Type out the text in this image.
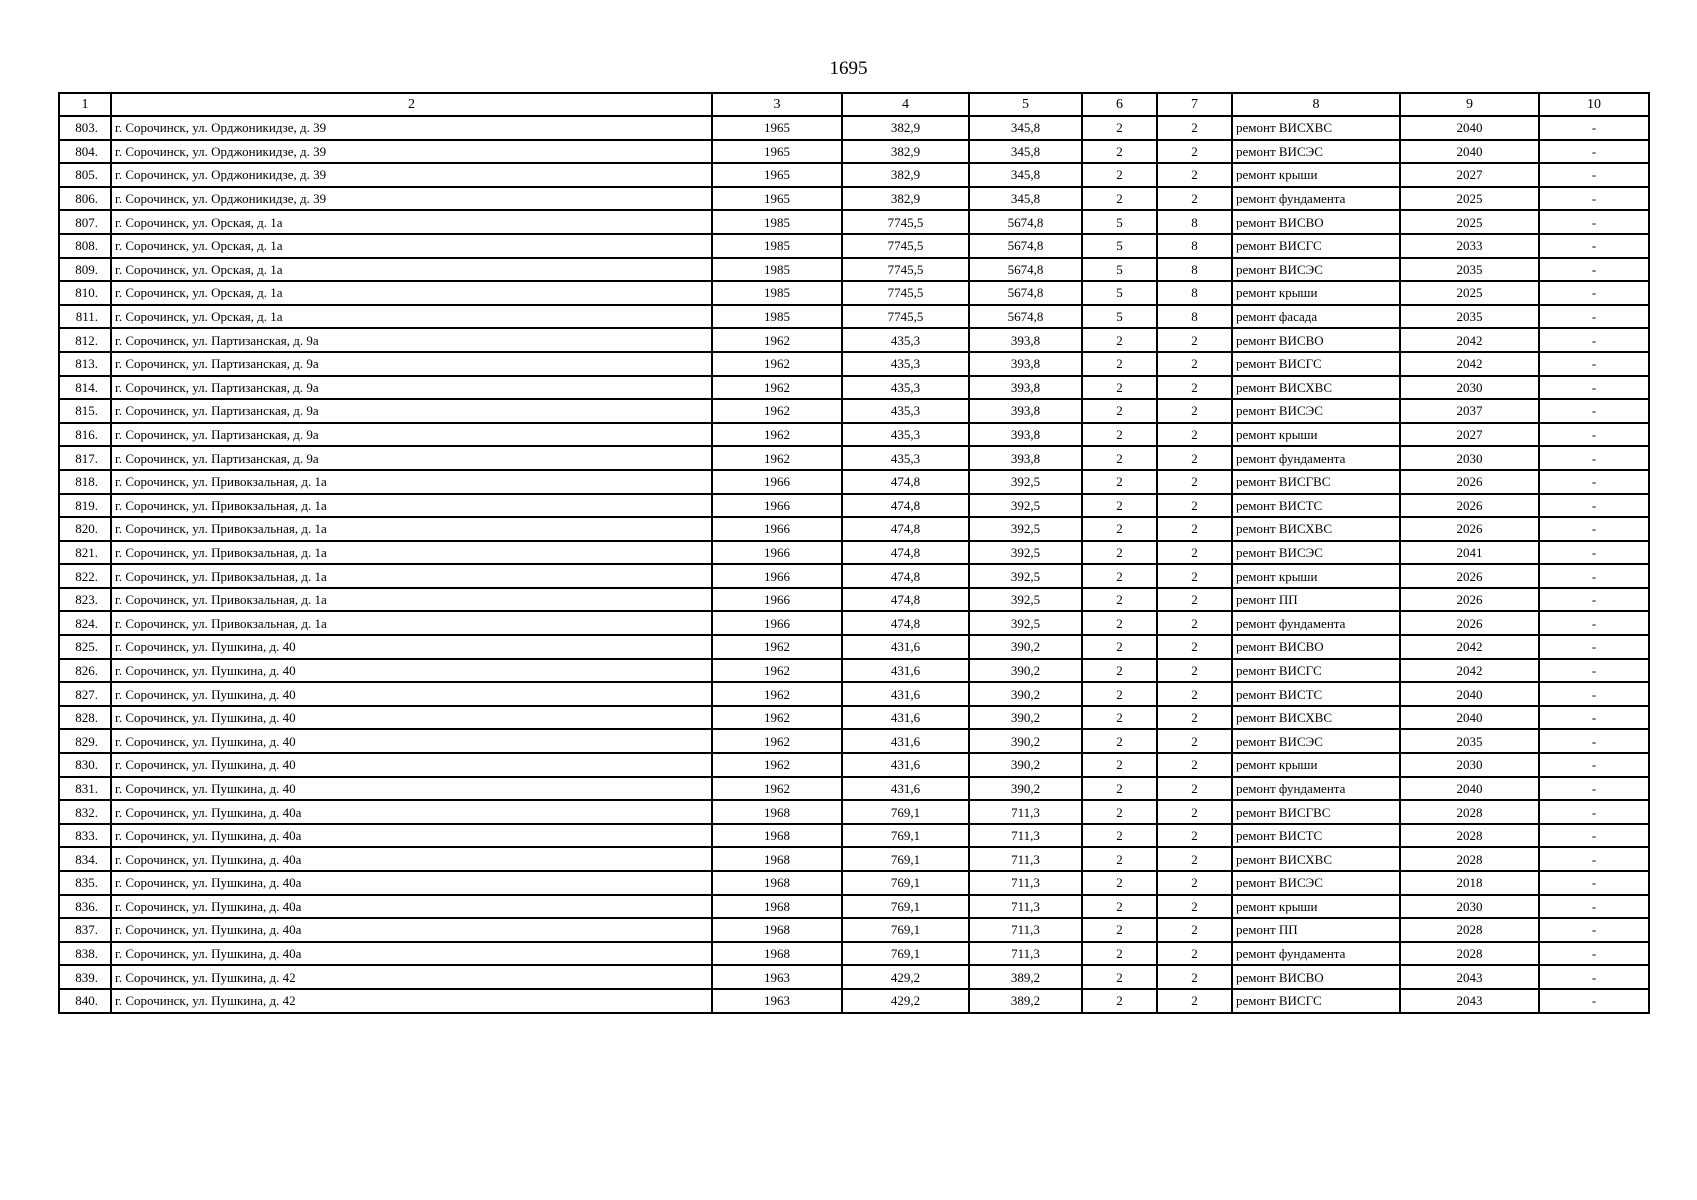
1695
1	2	3	4	5	6	7	8	9	10
803.	г. Сорочинск, ул. Орджоникидзе, д. 39	1965	382,9	345,8	2	2	ремонт ВИСХВС	2040	-
804.	г. Сорочинск, ул. Орджоникидзе, д. 39	1965	382,9	345,8	2	2	ремонт ВИСЭС	2040	-
805.	г. Сорочинск, ул. Орджоникидзе, д. 39	1965	382,9	345,8	2	2	ремонт крыши	2027	-
806.	г. Сорочинск, ул. Орджоникидзе, д. 39	1965	382,9	345,8	2	2	ремонт фундамента	2025	-
807.	г. Сорочинск, ул. Орская, д. 1а	1985	7745,5	5674,8	5	8	ремонт ВИСВО	2025	-
808.	г. Сорочинск, ул. Орская, д. 1а	1985	7745,5	5674,8	5	8	ремонт ВИСГС	2033	-
809.	г. Сорочинск, ул. Орская, д. 1а	1985	7745,5	5674,8	5	8	ремонт ВИСЭС	2035	-
810.	г. Сорочинск, ул. Орская, д. 1а	1985	7745,5	5674,8	5	8	ремонт крыши	2025	-
811.	г. Сорочинск, ул. Орская, д. 1а	1985	7745,5	5674,8	5	8	ремонт фасада	2035	-
812.	г. Сорочинск, ул. Партизанская, д. 9а	1962	435,3	393,8	2	2	ремонт ВИСВО	2042	-
813.	г. Сорочинск, ул. Партизанская, д. 9а	1962	435,3	393,8	2	2	ремонт ВИСГС	2042	-
814.	г. Сорочинск, ул. Партизанская, д. 9а	1962	435,3	393,8	2	2	ремонт ВИСХВС	2030	-
815.	г. Сорочинск, ул. Партизанская, д. 9а	1962	435,3	393,8	2	2	ремонт ВИСЭС	2037	-
816.	г. Сорочинск, ул. Партизанская, д. 9а	1962	435,3	393,8	2	2	ремонт крыши	2027	-
817.	г. Сорочинск, ул. Партизанская, д. 9а	1962	435,3	393,8	2	2	ремонт фундамента	2030	-
818.	г. Сорочинск, ул. Привокзальная, д. 1а	1966	474,8	392,5	2	2	ремонт ВИСГВС	2026	-
819.	г. Сорочинск, ул. Привокзальная, д. 1а	1966	474,8	392,5	2	2	ремонт ВИСТС	2026	-
820.	г. Сорочинск, ул. Привокзальная, д. 1а	1966	474,8	392,5	2	2	ремонт ВИСХВС	2026	-
821.	г. Сорочинск, ул. Привокзальная, д. 1а	1966	474,8	392,5	2	2	ремонт ВИСЭС	2041	-
822.	г. Сорочинск, ул. Привокзальная, д. 1а	1966	474,8	392,5	2	2	ремонт крыши	2026	-
823.	г. Сорочинск, ул. Привокзальная, д. 1а	1966	474,8	392,5	2	2	ремонт ПП	2026	-
824.	г. Сорочинск, ул. Привокзальная, д. 1а	1966	474,8	392,5	2	2	ремонт фундамента	2026	-
825.	г. Сорочинск, ул. Пушкина, д. 40	1962	431,6	390,2	2	2	ремонт ВИСВО	2042	-
826.	г. Сорочинск, ул. Пушкина, д. 40	1962	431,6	390,2	2	2	ремонт ВИСГС	2042	-
827.	г. Сорочинск, ул. Пушкина, д. 40	1962	431,6	390,2	2	2	ремонт ВИСТС	2040	-
828.	г. Сорочинск, ул. Пушкина, д. 40	1962	431,6	390,2	2	2	ремонт ВИСХВС	2040	-
829.	г. Сорочинск, ул. Пушкина, д. 40	1962	431,6	390,2	2	2	ремонт ВИСЭС	2035	-
830.	г. Сорочинск, ул. Пушкина, д. 40	1962	431,6	390,2	2	2	ремонт крыши	2030	-
831.	г. Сорочинск, ул. Пушкина, д. 40	1962	431,6	390,2	2	2	ремонт фундамента	2040	-
832.	г. Сорочинск, ул. Пушкина, д. 40а	1968	769,1	711,3	2	2	ремонт ВИСГВС	2028	-
833.	г. Сорочинск, ул. Пушкина, д. 40а	1968	769,1	711,3	2	2	ремонт ВИСТС	2028	-
834.	г. Сорочинск, ул. Пушкина, д. 40а	1968	769,1	711,3	2	2	ремонт ВИСХВС	2028	-
835.	г. Сорочинск, ул. Пушкина, д. 40а	1968	769,1	711,3	2	2	ремонт ВИСЭС	2018	-
836.	г. Сорочинск, ул. Пушкина, д. 40а	1968	769,1	711,3	2	2	ремонт крыши	2030	-
837.	г. Сорочинск, ул. Пушкина, д. 40а	1968	769,1	711,3	2	2	ремонт ПП	2028	-
838.	г. Сорочинск, ул. Пушкина, д. 40а	1968	769,1	711,3	2	2	ремонт фундамента	2028	-
839.	г. Сорочинск, ул. Пушкина, д. 42	1963	429,2	389,2	2	2	ремонт ВИСВО	2043	-
840.	г. Сорочинск, ул. Пушкина, д. 42	1963	429,2	389,2	2	2	ремонт ВИСГС	2043	-
